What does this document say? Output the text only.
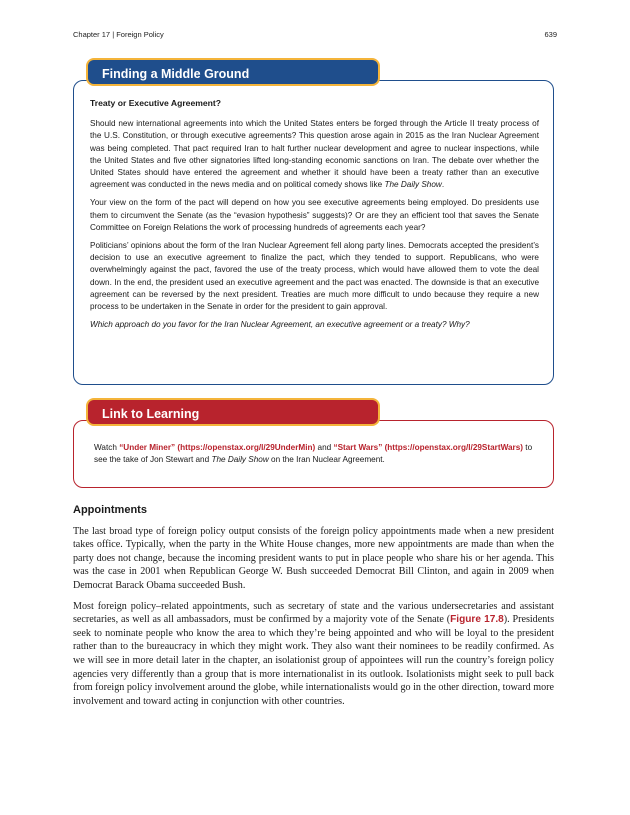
Chapter 17 | Foreign Policy	639
Finding a Middle Ground
Treaty or Executive Agreement?

Should new international agreements into which the United States enters be forged through the Article II treaty process of the U.S. Constitution, or through executive agreements? This question arose again in 2015 as the Iran Nuclear Agreement was being completed. That pact required Iran to halt further nuclear development and agree to nuclear inspections, while the United States and five other signatories lifted long-standing economic sanctions on Iran. The debate over whether the United States should have entered the agreement and whether it should have been a treaty rather than an executive agreement was conducted in the news media and on political comedy shows like The Daily Show.

Your view on the form of the pact will depend on how you see executive agreements being employed. Do presidents use them to circumvent the Senate (as the “evasion hypothesis” suggests)? Or are they an efficient tool that saves the Senate Committee on Foreign Relations the work of processing hundreds of agreements each year?

Politicians’ opinions about the form of the Iran Nuclear Agreement fell along party lines. Democrats accepted the president’s decision to use an executive agreement to finalize the pact, which they tended to support. Republicans, who were overwhelmingly against the pact, favored the use of the treaty process, which would have allowed them to vote the deal down. In the end, the president used an executive agreement and the pact was enacted. The downside is that an executive agreement can be reversed by the next president. Treaties are much more difficult to undo because they require a new process to be undertaken in the Senate in order for the president to gain approval.

Which approach do you favor for the Iran Nuclear Agreement, an executive agreement or a treaty? Why?

Link to Learning
Watch “Under Miner” (https://openstax.org/l/29UnderMin) and “Start Wars” (https://openstax.org/l/29StartWars) to see the take of Jon Stewart and The Daily Show on the Iran Nuclear Agreement.
Appointments

The last broad type of foreign policy output consists of the foreign policy appointments made when a new president takes office. Typically, when the party in the White House changes, more new appointments are made than when the party does not change, because the incoming president wants to put in place people who share his or her agenda. This was the case in 2001 when Republican George W. Bush succeeded Democrat Bill Clinton, and again in 2009 when Democrat Barack Obama succeeded Bush.

Most foreign policy–related appointments, such as secretary of state and the various undersecretaries and assistant secretaries, as well as all ambassadors, must be confirmed by a majority vote of the Senate (Figure 17.8). Presidents seek to nominate people who know the area to which they’re being appointed and who will be loyal to the president rather than to the bureaucracy in which they might work. They also want their nominees to be readily confirmed. As we will see in more detail later in the chapter, an isolationist group of appointees will run the country’s foreign policy agencies very differently than a group that is more internationalist in its outlook. Isolationists might seek to pull back from foreign policy involvement around the globe, while internationalists would go in the other direction, toward more involvement and toward acting in conjunction with other countries.
